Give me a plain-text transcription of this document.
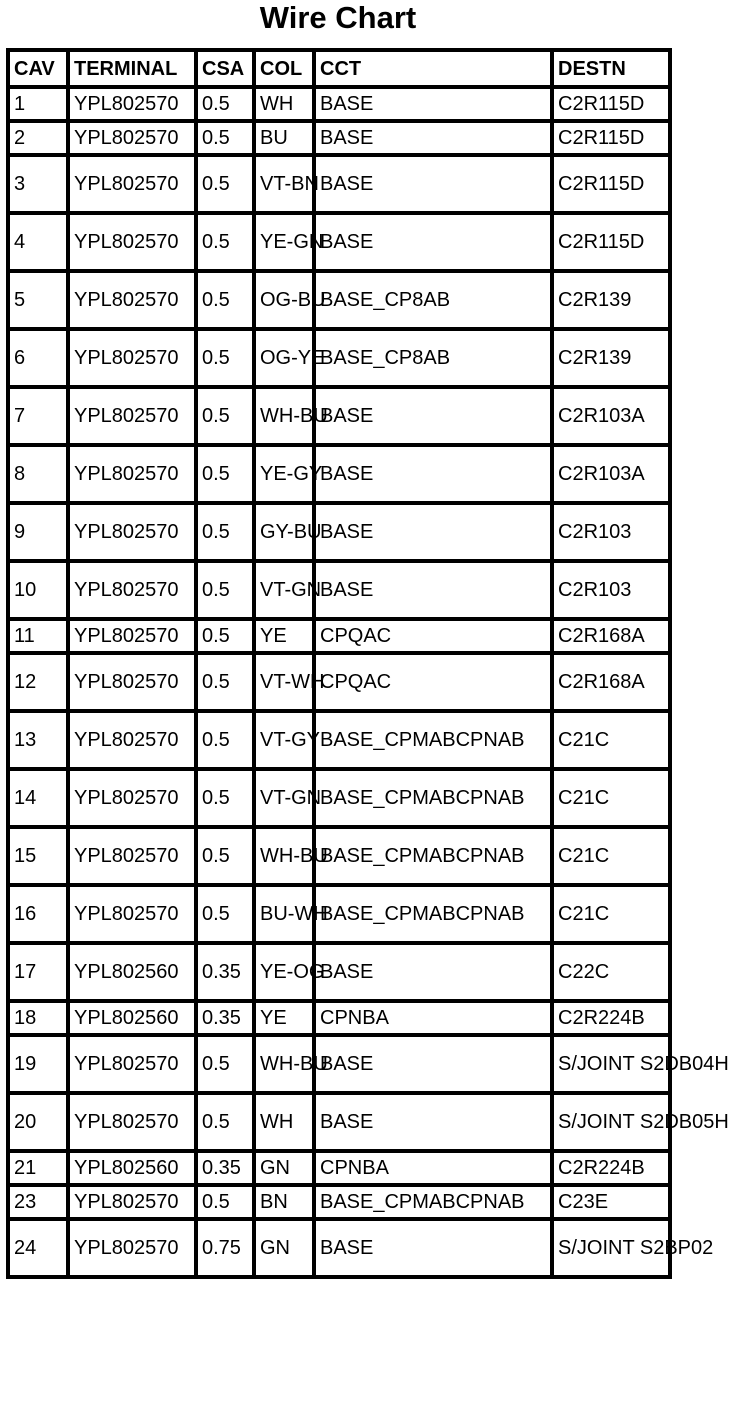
Wire Chart
CAV	TERMINAL	CSA	COL	CCT	DESTN
1	YPL802570	0.5	WH	BASE	C2R115D

2	YPL802570	0.5	BU	BASE	C2R115D

3	YPL802570	0.5	VT-BN	BASE	C2R115D

4	YPL802570	0.5	YE-GN	BASE	C2R115D

5	YPL802570	0.5	OG-BU	BASE_CP8AB	C2R139

6	YPL802570	0.5	OG-YE	BASE_CP8AB	C2R139

7	YPL802570	0.5	WH-BU	BASE	C2R103A

8	YPL802570	0.5	YE-GY	BASE	C2R103A

9	YPL802570	0.5	GY-BU	BASE	C2R103

10	YPL802570	0.5	VT-GN	BASE	C2R103

11	YPL802570	0.5	YE	CPQAC	C2R168A

12	YPL802570	0.5	VT-WH	CPQAC	C2R168A

13	YPL802570	0.5	VT-GY	BASE_CPMABCPNAB	C21C

14	YPL802570	0.5	VT-GN	BASE_CPMABCPNAB	C21C

15	YPL802570	0.5	WH-BU	BASE_CPMABCPNAB	C21C

16	YPL802570	0.5	BU-WH	BASE_CPMABCPNAB	C21C

17	YPL802560	0.35	YE-OG	BASE	C22C

18	YPL802560	0.35	YE	CPNBA	C2R224B

19	YPL802570	0.5	WH-BU	BASE	S/JOINT S2DB04H

20	YPL802570	0.5	WH	BASE	S/JOINT S2DB05H

21	YPL802560	0.35	GN	CPNBA	C2R224B

23	YPL802570	0.5	BN	BASE_CPMABCPNAB	C23E

24	YPL802570	0.75	GN	BASE	S/JOINT S2BP02
